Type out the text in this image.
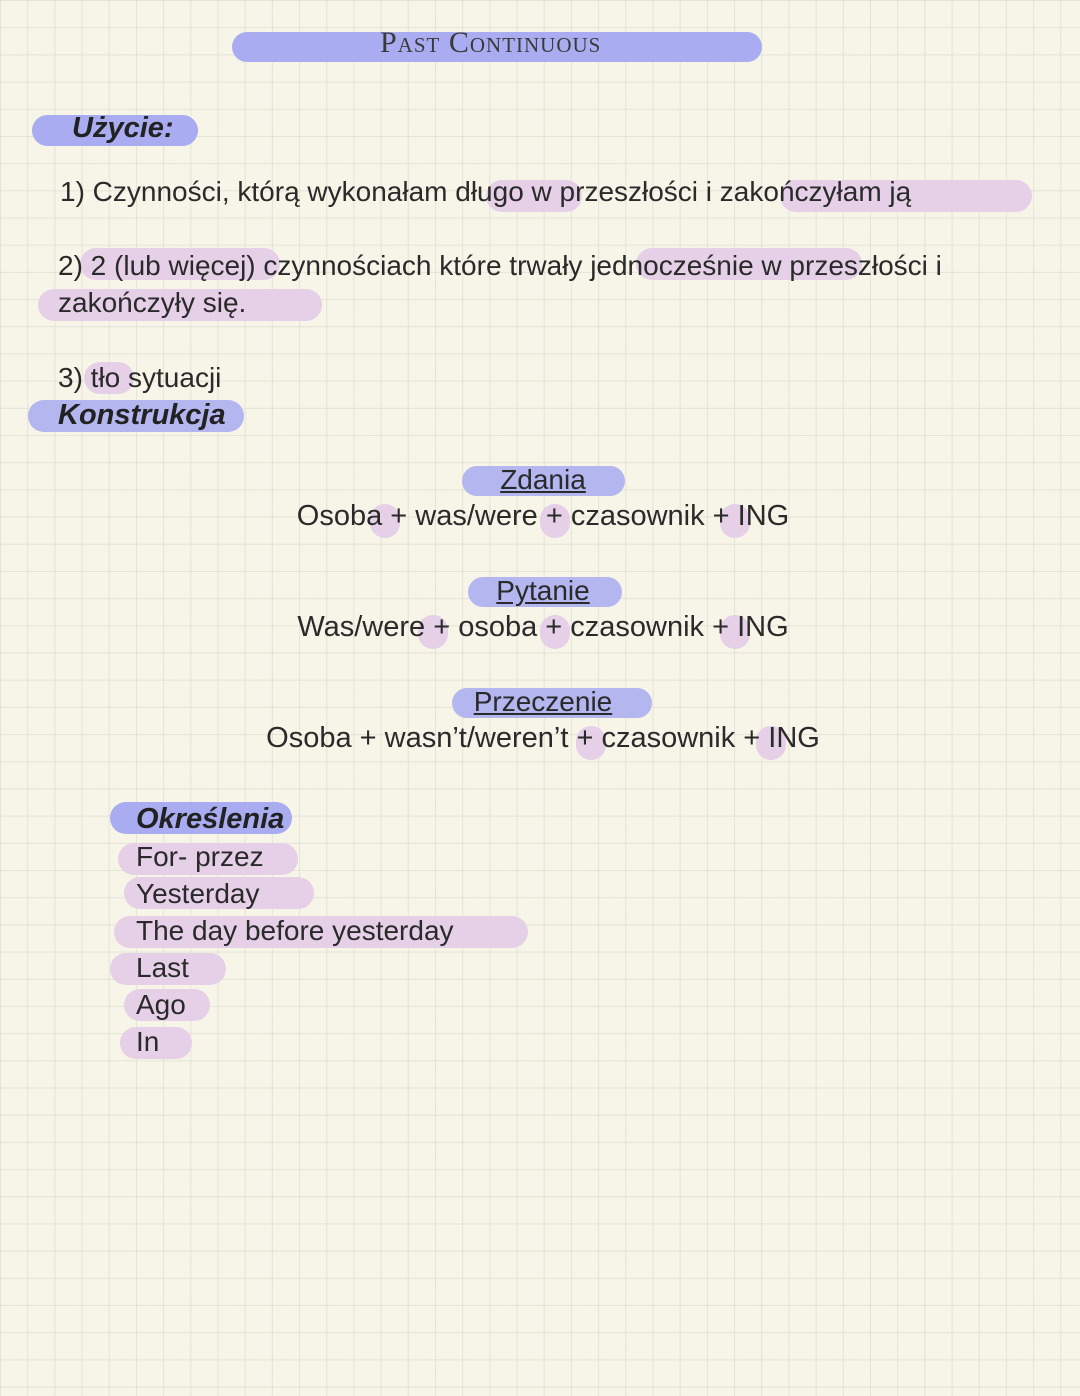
Past Continuous
Użycie:
1) Czynności, którą wykonałam długo w przeszłości i zakończyłam ją
2) 2 (lub więcej) czynnościach które trwały jednocześnie w przeszłości i
zakończyły się.
3) tło sytuacji
Konstrukcja
Zdania
Osoba + was/were + czasownik + ING
Pytanie
Was/were + osoba + czasownik + ING
Przeczenie
Osoba + wasn’t/weren’t + czasownik + ING
Określenia
For- przez
Yesterday
The day before yesterday
Last
Ago
In
